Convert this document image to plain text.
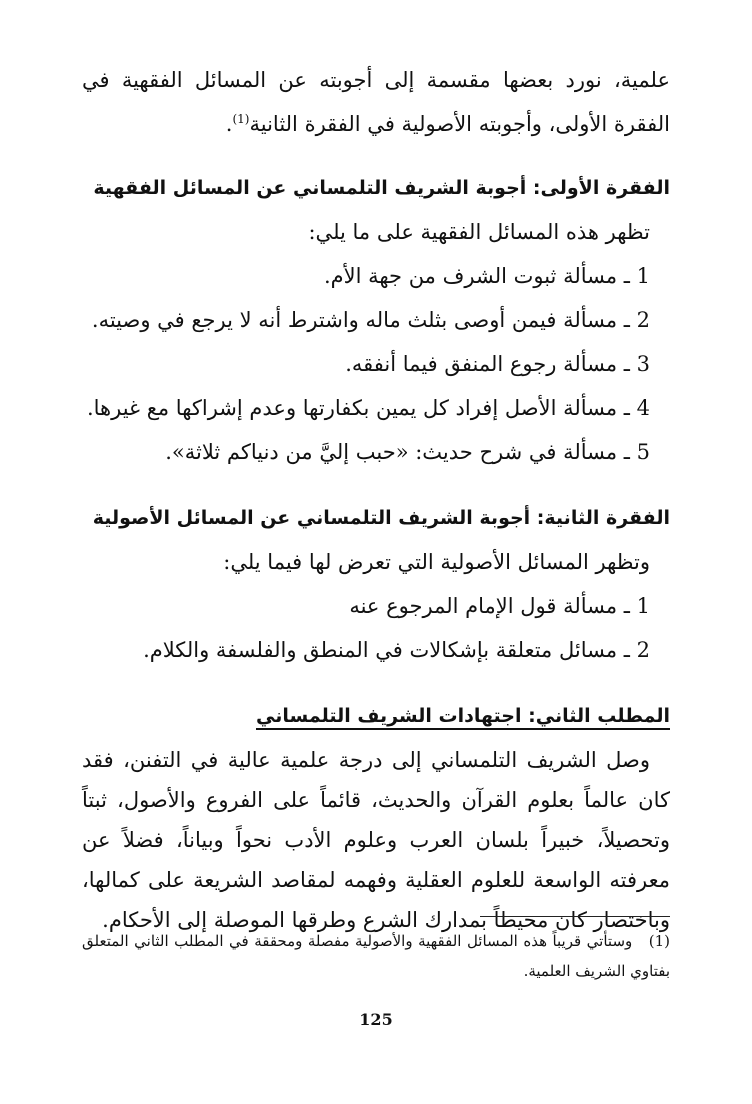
علمية، نورد بعضها مقسمة إلى أجوبته عن المسائل الفقهية في الفقرة الأولى، وأجوبته الأصولية في الفقرة الثانية$^{(1)}$.

الفقرة الأولى: أجوبة الشريف التلمساني عن المسائل الفقهية

تظهر هذه المسائل الفقهية على ما يلي:

1 ـ مسألة ثبوت الشرف من جهة الأم.
2 ـ مسألة فيمن أوصى بثلث ماله واشترط أنه لا يرجع في وصيته.
3 ـ مسألة رجوع المنفق فيما أنفقه.
4 ـ مسألة الأصل إفراد كل يمين بكفارتها وعدم إشراكها مع غيرها.
5 ـ مسألة في شرح حديث: «حبب إليَّ من دنياكم ثلاثة».

الفقرة الثانية: أجوبة الشريف التلمساني عن المسائل الأصولية

وتظهر المسائل الأصولية التي تعرض لها فيما يلي:

1 ـ مسألة قول الإمام المرجوع عنه
2 ـ مسائل متعلقة بإشكالات في المنطق والفلسفة والكلام.

المطلب الثاني: اجتهادات الشريف التلمساني

وصل الشريف التلمساني إلى درجة علمية عالية في التفنن، فقد كان عالماً بعلوم القرآن والحديث، قائماً على الفروع والأصول، ثبتاً وتحصيلاً، خبيراً بلسان العرب وعلوم الأدب نحواً وبياناً، فضلاً عن معرفته الواسعة للعلوم العقلية وفهمه لمقاصد الشريعة على كمالها، وباختصار كان محيطاً بمدارك الشرع وطرقها الموصلة إلى الأحكام.

(1)   وستأتي قريباً هذه المسائل الفقهية والأصولية مفصلة ومحققة في المطلب الثاني المتعلق بفتاوي الشريف العلمية.

125
